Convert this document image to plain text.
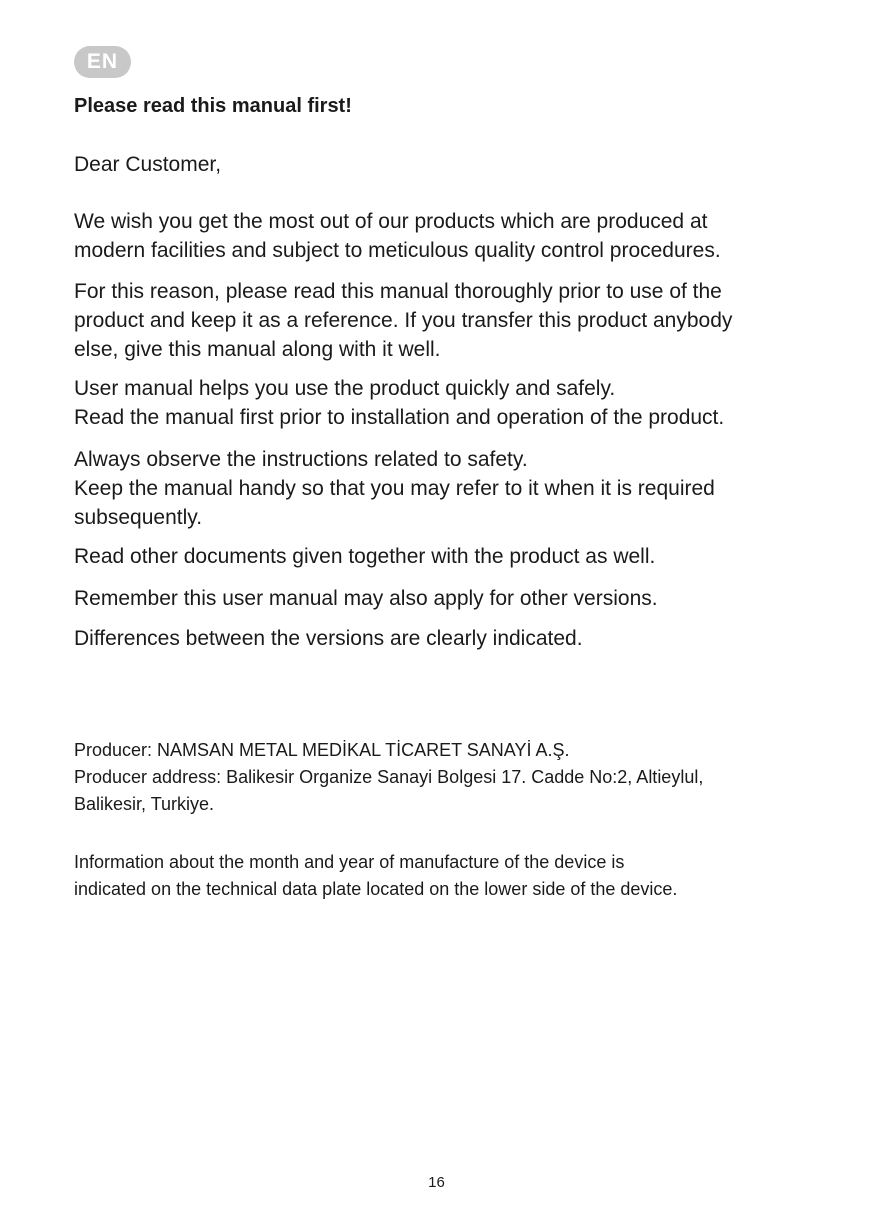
EN
Please read this manual first!

Dear Customer,

We wish you get the most out of our products which are produced at
modern facilities and subject to meticulous quality control procedures.

For this reason, please read this manual thoroughly prior to use of the
product and keep it as a reference. If you transfer this product anybody
else, give this manual along with it well.

User manual helps you use the product quickly and safely.
Read the manual first prior to installation and operation of the product.

Always observe the instructions related to safety.
Keep the manual handy so that you may refer to it when it is required
subsequently.

Read other documents given together with the product as well.

Remember this user manual may also apply for other versions.

Differences between the versions are clearly indicated.

Producer: NAMSAN METAL MEDİKAL TİCARET SANAYİ A.Ş.
Producer address: Balikesir Organize Sanayi Bolgesi 17. Cadde No:2, Altieylul,
Balikesir, Turkiye.

Information about the month and year of manufacture of the device is
indicated on the technical data plate located on the lower side of the device.

16
